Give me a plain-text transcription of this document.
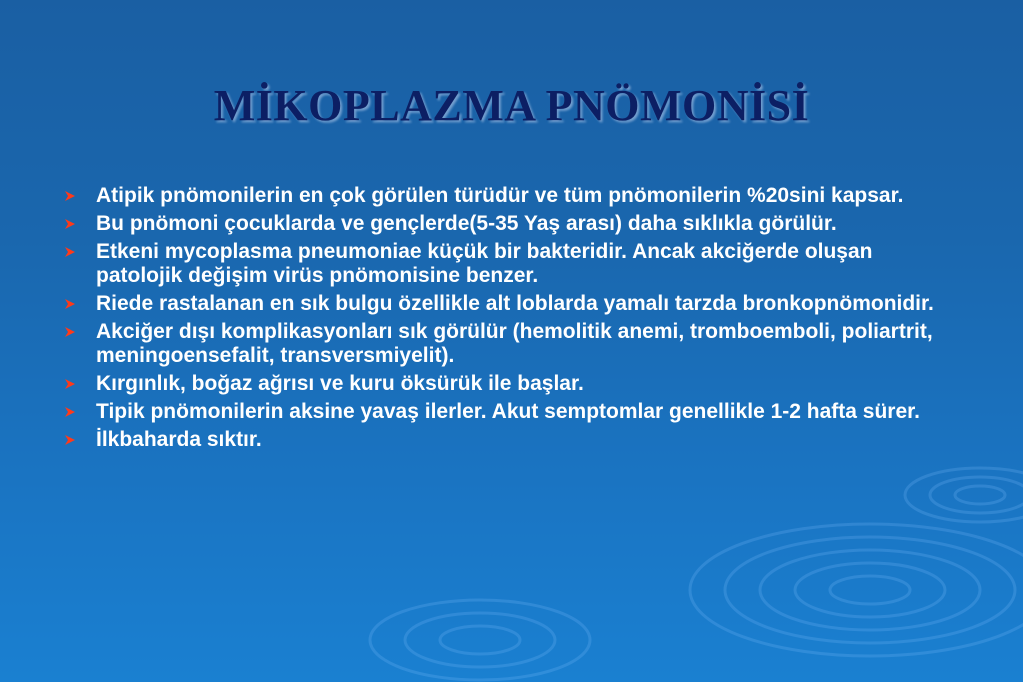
MİKOPLAZMA PNÖMONİSİ
Atipik pnömonilerin en çok görülen türüdür ve tüm pnömonilerin %20sini kapsar.
Bu pnömoni çocuklarda ve gençlerde(5-35 Yaş arası) daha sıklıkla görülür.
Etkeni mycoplasma pneumoniae küçük bir bakteridir. Ancak akciğerde oluşan patolojik değişim virüs pnömonisine benzer.
Riede rastalanan en sık bulgu özellikle alt loblarda yamalı tarzda bronkopnömonidir.
Akciğer dışı komplikasyonları sık görülür (hemolitik anemi, tromboemboli, poliartrit, meningoensefalit, transversmiyelit).
Kırgınlık, boğaz ağrısı ve kuru öksürük ile başlar.
Tipik pnömonilerin aksine yavaş ilerler. Akut semptomlar genellikle 1-2 hafta sürer.
İlkbaharda sıktır.
